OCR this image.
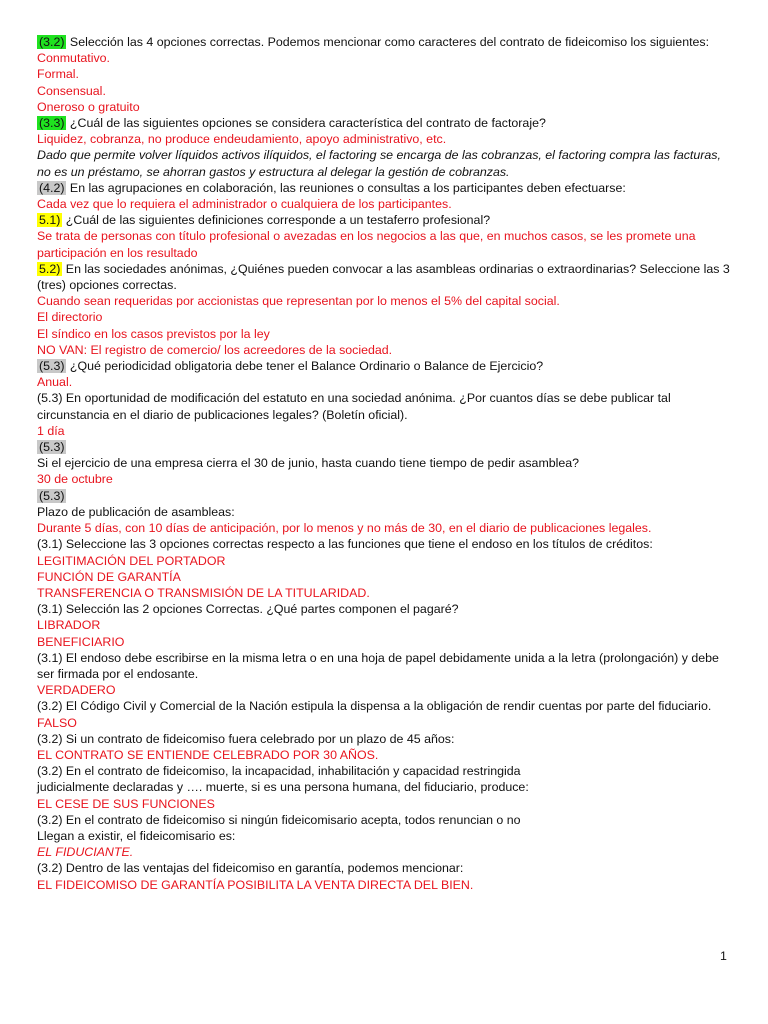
(3.2) Selección las 4 opciones correctas. Podemos mencionar como caracteres del contrato de fideicomiso los siguientes:
Conmutativo.
Formal.
Consensual.
Oneroso o gratuito
(3.3) ¿Cuál de las siguientes opciones se considera característica del contrato de factoraje?
Liquidez, cobranza, no produce endeudamiento, apoyo administrativo, etc.
Dado que permite volver líquidos activos ilíquidos, el factoring se encarga de las cobranzas, el factoring compra las facturas, no es un préstamo, se ahorran gastos y estructura al delegar la gestión de cobranzas.
(4.2) En las agrupaciones en colaboración, las reuniones o consultas a los participantes deben efectuarse:
Cada vez que lo requiera el administrador o cualquiera de los participantes.
5.1) ¿Cuál de las siguientes definiciones corresponde a un testaferro profesional?
Se trata de personas con título profesional o avezadas en los negocios a las que, en muchos casos, se les promete una participación en los resultado
5.2) En las sociedades anónimas, ¿Quiénes pueden convocar a las asambleas ordinarias o extraordinarias? Seleccione las 3 (tres) opciones correctas.
Cuando sean requeridas por accionistas que representan por lo menos el 5% del capital social.
El directorio
El síndico en los casos previstos por la ley
NO VAN: El registro de comercio/ los acreedores de la sociedad.
(5.3) ¿Qué periodicidad obligatoria debe tener el Balance Ordinario o Balance de Ejercicio?
Anual.
(5.3) En oportunidad de modificación del estatuto en una sociedad anónima. ¿Por cuantos días se debe publicar tal circunstancia en el diario de publicaciones legales? (Boletín oficial).
1 día
(5.3)
Si el ejercicio de una empresa cierra el 30 de junio, hasta cuando tiene tiempo de pedir asamblea?
30 de octubre
(5.3)
Plazo de publicación de asambleas:
Durante 5 días, con 10 días de anticipación, por lo menos y no más de 30, en el diario de publicaciones legales.
(3.1) Seleccione las 3 opciones correctas respecto a las funciones que tiene el endoso en los títulos de créditos:
LEGITIMACIÓN DEL PORTADOR
FUNCIÓN DE GARANTÍA
TRANSFERENCIA O TRANSMISIÓN DE LA TITULARIDAD.
(3.1) Selección las 2 opciones Correctas. ¿Qué partes componen el pagaré?
LIBRADOR
BENEFICIARIO
(3.1) El endoso debe escribirse en la misma letra o en una hoja de papel debidamente unida a la letra (prolongación) y debe ser firmada por el endosante.
VERDADERO
(3.2) El Código Civil y Comercial de la Nación estipula la dispensa a la obligación de rendir cuentas por parte del fiduciario.
FALSO
(3.2) Si un contrato de fideicomiso fuera celebrado por un plazo de 45 años:
EL CONTRATO SE ENTIENDE CELEBRADO POR 30 AÑOS.
(3.2) En el contrato de fideicomiso, la incapacidad, inhabilitación y capacidad restringida
judicialmente declaradas y …. muerte, si es una persona humana, del fiduciario, produce:
EL CESE DE SUS FUNCIONES
(3.2) En el contrato de fideicomiso si ningún fideicomisario acepta, todos renuncian o no
Llegan a existir, el fideicomisario es:
EL FIDUCIANTE.
(3.2) Dentro de las ventajas del fideicomiso en garantía, podemos mencionar:
EL FIDEICOMISO DE GARANTÍA POSIBILITA LA VENTA DIRECTA DEL BIEN.
1
